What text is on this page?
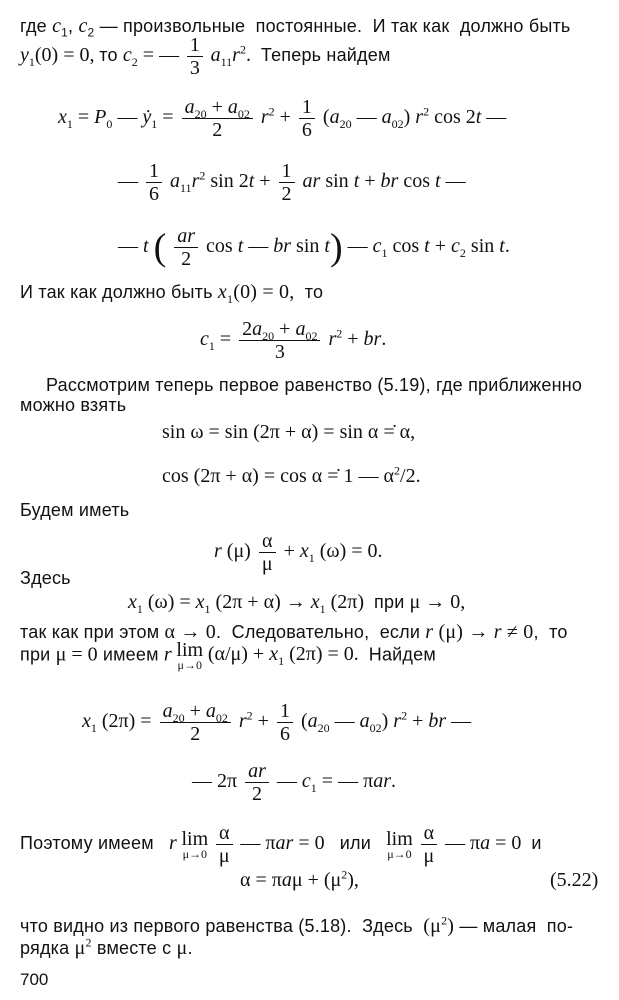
где $c_1$, $c_2$ — произвольные  постоянные.  И так как  должно быть
$y_1(0) = 0$, то $c_2$ = — $\frac{1}{3} a_{11}r^2$.  Теперь найдем
$x_1 = P_0$ — ẏ$_1$ = $\frac{a_{20} + a_{02}}{2} r^2 + \frac{1}{6} (a_{20}$ — $a_{02}$) $r^2$ cos 2t —
— $\frac{1}{6} a_{11}r^2$ $\sin 2t + \frac{1}{2}$ ar sin t + br cos t —
— t ( $\frac{ar}{2}$ cos t — br sin t) — $c_1$ $\cos t + c_2$ sin t.
И так как должно быть $x_1(0) = 0$,  то
$c_1 = \frac{2a_{20} + a_{02}}{3} r^2$ + br.
Рассмотрим теперь первое равенство (5.19), где приближенно
можно взять
sin ω = sin (2π + α) = sin α =̇ α,
cos (2π + α) = cos α =̇ 1 — $\alpha^2/2$.
Будем иметь
r $(\mu) \frac{\alpha}{\mu} + x_1$ (ω) = 0.
Здесь
$x_1$ $(\omega) = x_1$ $(2\pi + \alpha) \to x_1$ (2π)  при μ → 0,
так как при этом α → 0.  Следовательно,  если r (μ) → r ≠ 0,  то
при μ = 0 имеем r lim
μ→0 $(\alpha/\mu) + x_1$ (2π) = 0.  Найдем
$x_1$ $(2\pi) = \frac{a_{20} + a_{02}}{2} r^2 + \frac{1}{6} (a_{20}$ — $a_{02}$) $r^2$ + br —
— $2\pi \frac{ar}{2}$ — $c_1$ = — πar.
Поэтому имеем   r lim
μ→0
$\frac{\alpha}{\mu}$ — πar = 0   или   lim
μ→0
$\frac{\alpha}{\mu}$ — πa = 0  и
$\alpha = \pi a\mu + (\mu^2)$,	(5.22)
что видно из первого равенства (5.18).  Здесь  $(\mu^2)$ — малая  по-
рядка $\mu^2$ вместе с μ.
700
